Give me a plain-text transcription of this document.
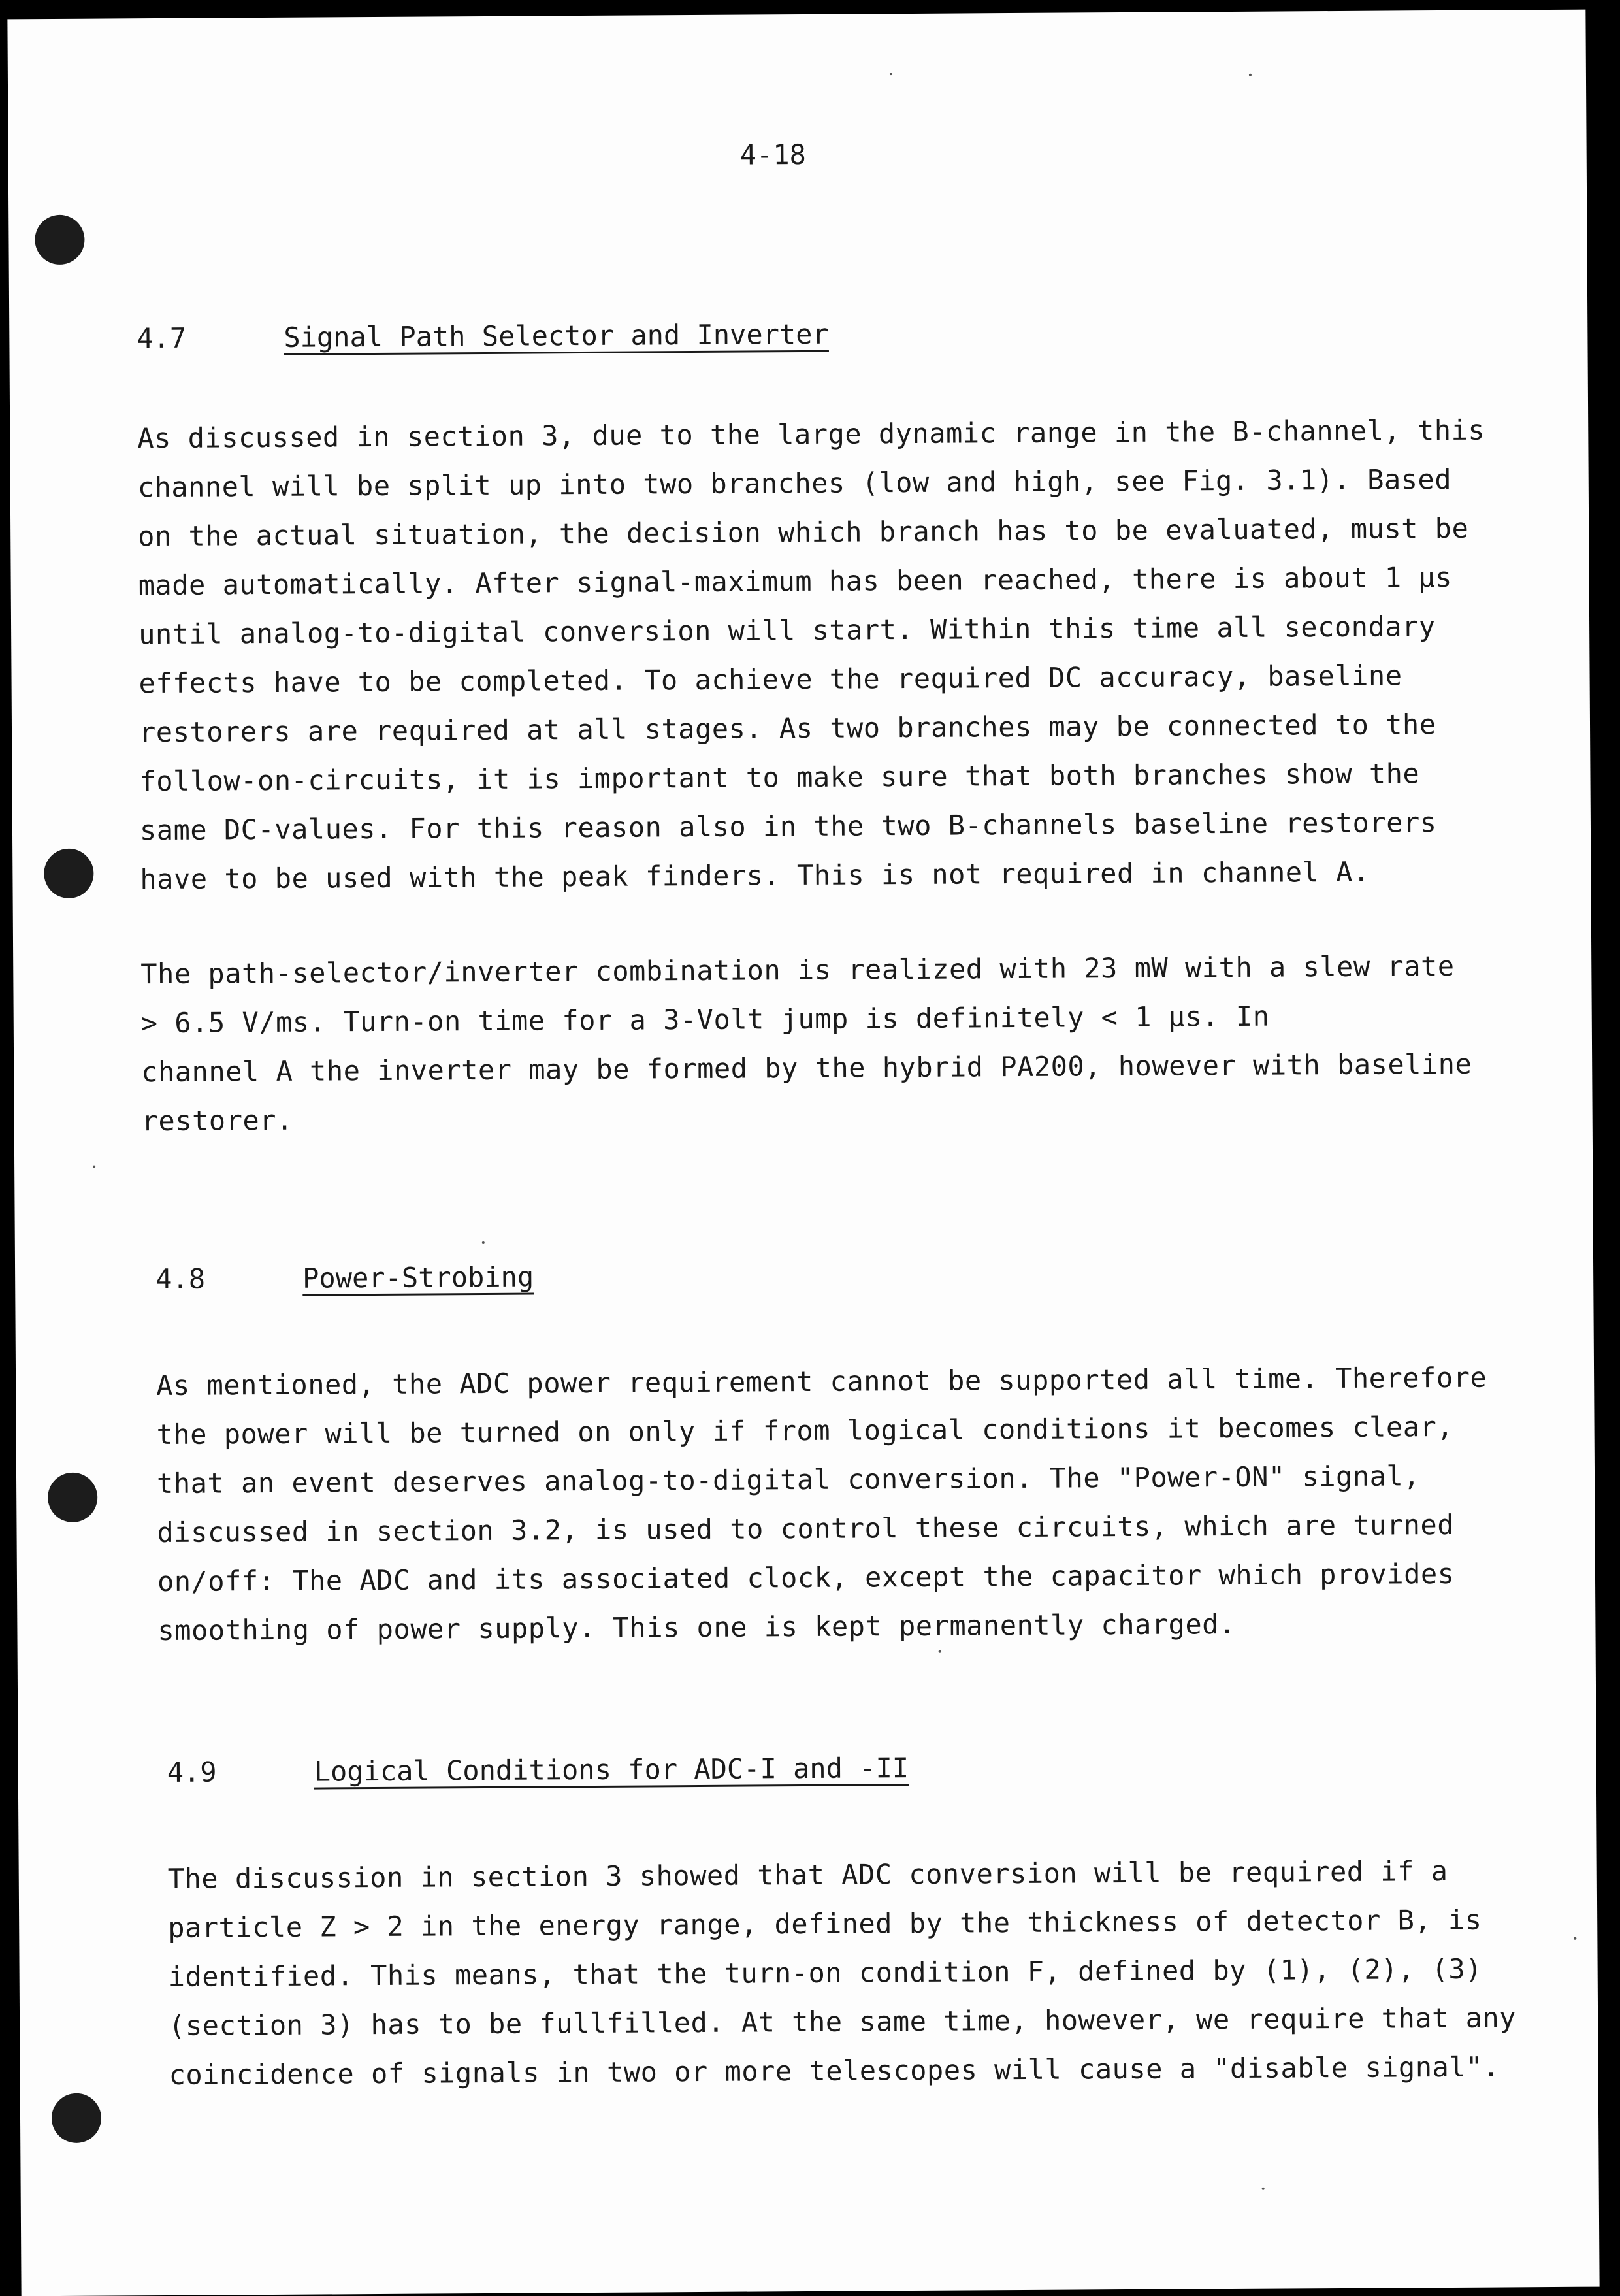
4-18
4.7	Signal Path Selector and Inverter
As discussed in section 3, due to the large dynamic range in the B-channel, this
channel will be split up into two branches (low and high, see Fig. 3.1). Based
on the actual situation, the decision which branch has to be evaluated, must be
made automatically. After signal-maximum has been reached, there is about 1 µs
until analog-to-digital conversion will start. Within this time all secondary
effects have to be completed. To achieve the required DC accuracy, baseline
restorers are required at all stages. As two branches may be connected to the
follow-on-circuits, it is important to make sure that both branches show the
same DC-values. For this reason also in the two B-channels baseline restorers
have to be used with the peak finders. This is not required in channel A.
The path-selector/inverter combination is realized with 23 mW with a slew rate
> 6.5 V/ms. Turn-on time for a 3-Volt jump is definitely < 1 µs. In
channel A the inverter may be formed by the hybrid PA200, however with baseline
restorer.
4.8	Power-Strobing
As mentioned, the ADC power requirement cannot be supported all time. Therefore
the power will be turned on only if from logical conditions it becomes clear,
that an event deserves analog-to-digital conversion. The "Power-ON" signal,
discussed in section 3.2, is used to control these circuits, which are turned
on/off: The ADC and its associated clock, except the capacitor which provides
smoothing of power supply. This one is kept permanently charged.
4.9	Logical Conditions for ADC-I and -II
The discussion in section 3 showed that ADC conversion will be required if a
particle Z > 2 in the energy range, defined by the thickness of detector B, is
identified. This means, that the turn-on condition F, defined by (1), (2), (3)
(section 3) has to be fullfilled. At the same time, however, we require that any
coincidence of signals in two or more telescopes will cause a "disable signal".
